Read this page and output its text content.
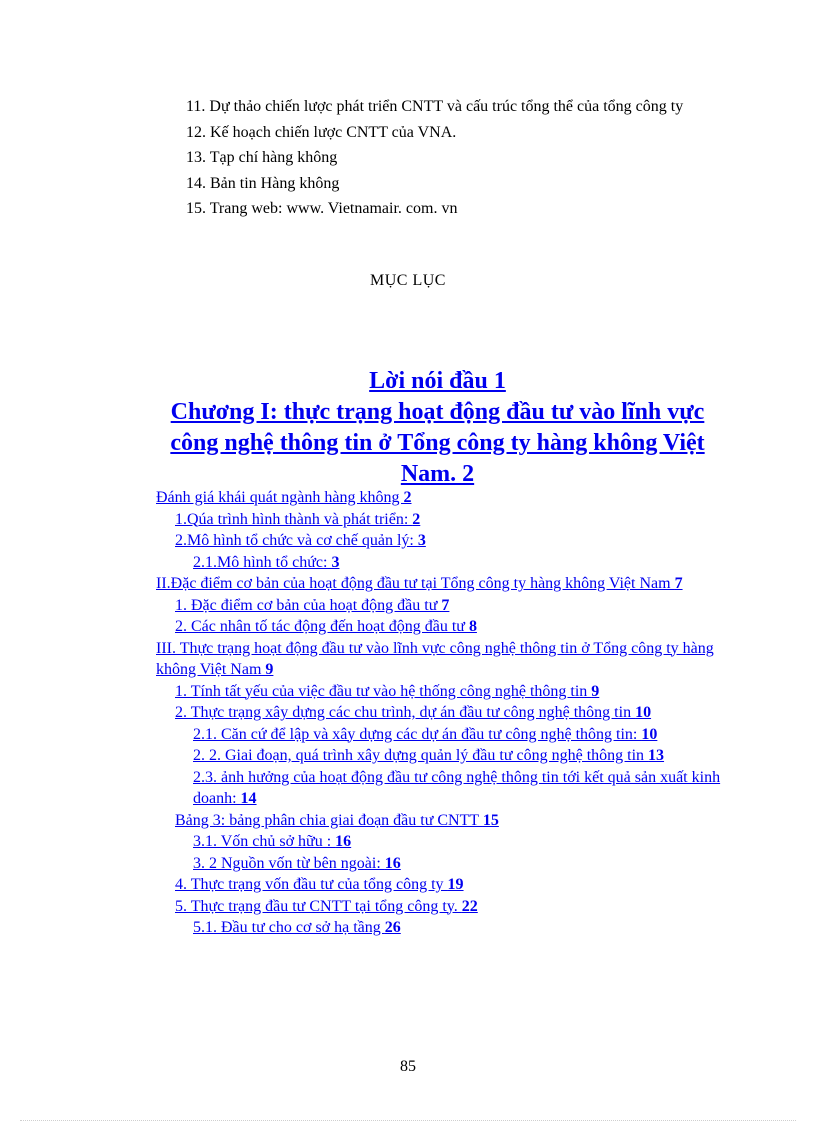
11. Dự thảo chiến lược phát triển CNTT và cấu trúc tổng thể của tổng công ty
12. Kế hoạch chiến lược CNTT của VNA.
13. Tạp chí hàng không
14. Bản tin Hàng không
15. Trang web: www. Vietnamair. com. vn
MỤC LỤC
Lời nói đầu 1
Chương I: thực trạng hoạt động đầu tư vào lĩnh vực công nghệ thông tin ở Tổng công ty hàng không Việt Nam. 2
Đánh giá khái quát ngành hàng không 2
1.Qúa trình hình thành và phát triển: 2
2.Mô hình tổ chức và cơ chế quản lý: 3
2.1.Mô hình tổ chức: 3
II.Đặc điểm cơ bản của hoạt động đầu tư tại Tổng công ty hàng không Việt Nam 7
1. Đặc điểm cơ bản của hoạt động đầu tư 7
2. Các nhân tố tác động đến hoạt động đầu tư 8
III. Thực trạng hoạt động đầu tư vào lĩnh vực công nghệ thông tin ở Tổng công ty hàng không Việt Nam 9
1. Tính tất yếu của việc đầu tư vào hệ thống công nghệ thông tin 9
2. Thực trạng xây dựng các chu trình, dự án đầu tư công nghệ thông tin 10
2.1. Căn cứ để lập và xây dựng các dự án đầu tư công nghệ thông tin: 10
2. 2. Giai đoạn, quá trình xây dựng quản lý đầu tư công nghệ thông tin 13
2.3. ảnh hưởng của hoạt động đầu tư công nghệ thông tin tới kết quả sản xuất kinh doanh: 14
Bảng 3: bảng phân chia giai đoạn đầu tư CNTT 15
3.1. Vốn chủ sở hữu : 16
3. 2 Nguồn vốn từ bên ngoài: 16
4. Thực trạng vốn đầu tư của tổng công ty 19
5. Thực trạng đầu tư CNTT tại tổng công ty. 22
5.1. Đầu tư cho cơ sở hạ tầng 26
85
